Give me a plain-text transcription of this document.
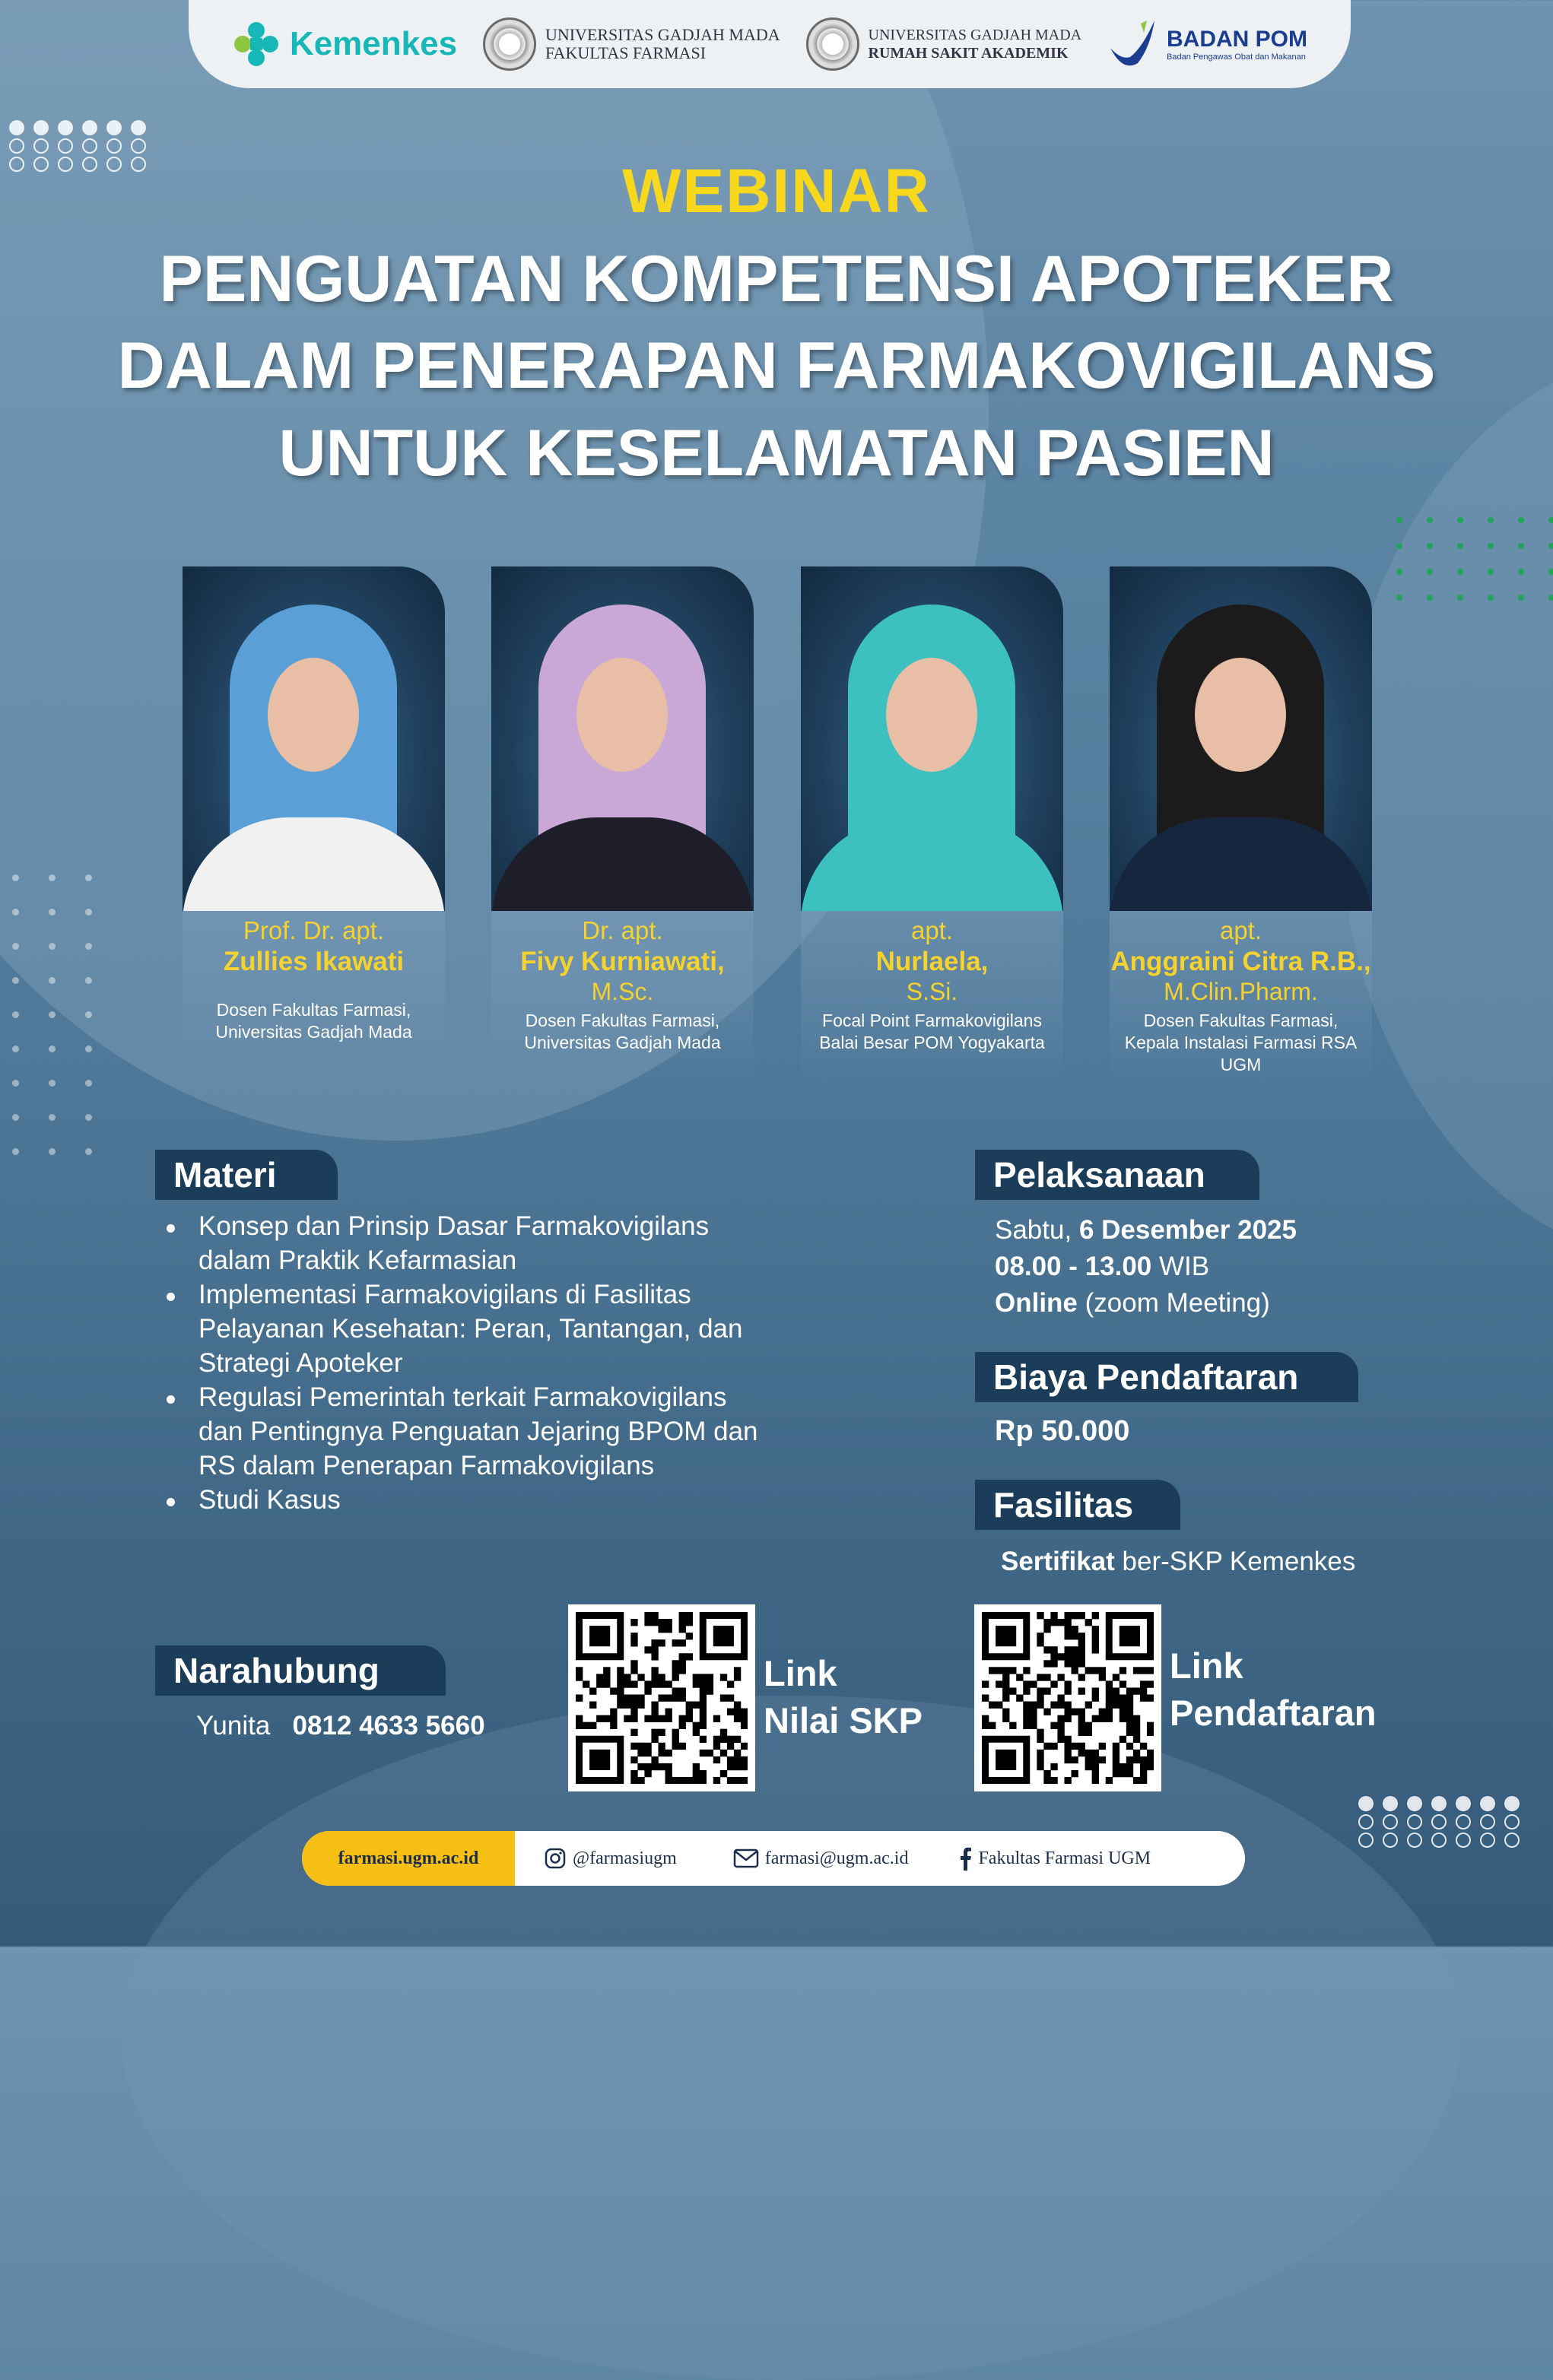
Kemenkes	UNIVERSITAS GADJAH MADA
FAKULTAS FARMASI
UNIVERSITAS GADJAH MADA
RUMAH SAKIT AKADEMIK
BADAN POM
Badan Pengawas Obat dan Makanan
WEBINAR
PENGUATAN KOMPETENSI APOTEKER
DALAM PENERAPAN FARMAKOVIGILANS
UNTUK KESELAMATAN PASIEN
Prof. Dr. apt.
Zullies Ikawati
Dosen Fakultas Farmasi,
Universitas Gadjah Mada
Dr. apt.
Fivy Kurniawati,
M.Sc.
Dosen Fakultas Farmasi,
Universitas Gadjah Mada
apt.
Nurlaela,
S.Si.
Focal Point Farmakovigilans
Balai Besar POM Yogyakarta
apt.
Anggraini Citra R.B.,
M.Clin.Pharm.
Dosen Fakultas Farmasi,
Kepala Instalasi Farmasi RSA UGM
Materi
Konsep dan Prinsip Dasar Farmakovigilans dalam Praktik Kefarmasian
Implementasi Farmakovigilans di Fasilitas Pelayanan Kesehatan: Peran, Tantangan, dan Strategi Apoteker
Regulasi Pemerintah terkait Farmakovigilans dan Pentingnya Penguatan Jejaring BPOM dan RS dalam Penerapan Farmakovigilans
Studi Kasus
Pelaksanaan
Sabtu, 6 Desember 2025
08.00 - 13.00 WIB
Online (zoom Meeting)
Biaya Pendaftaran
Rp 50.000
Fasilitas
Sertifikat ber-SKP Kemenkes
Narahubung
Yunita 0812 4633 5660
Link
Nilai SKP
Link
Pendaftaran
farmasi.ugm.ac.id	@farmasiugm	farmasi@ugm.ac.id	Fakultas Farmasi UGM
